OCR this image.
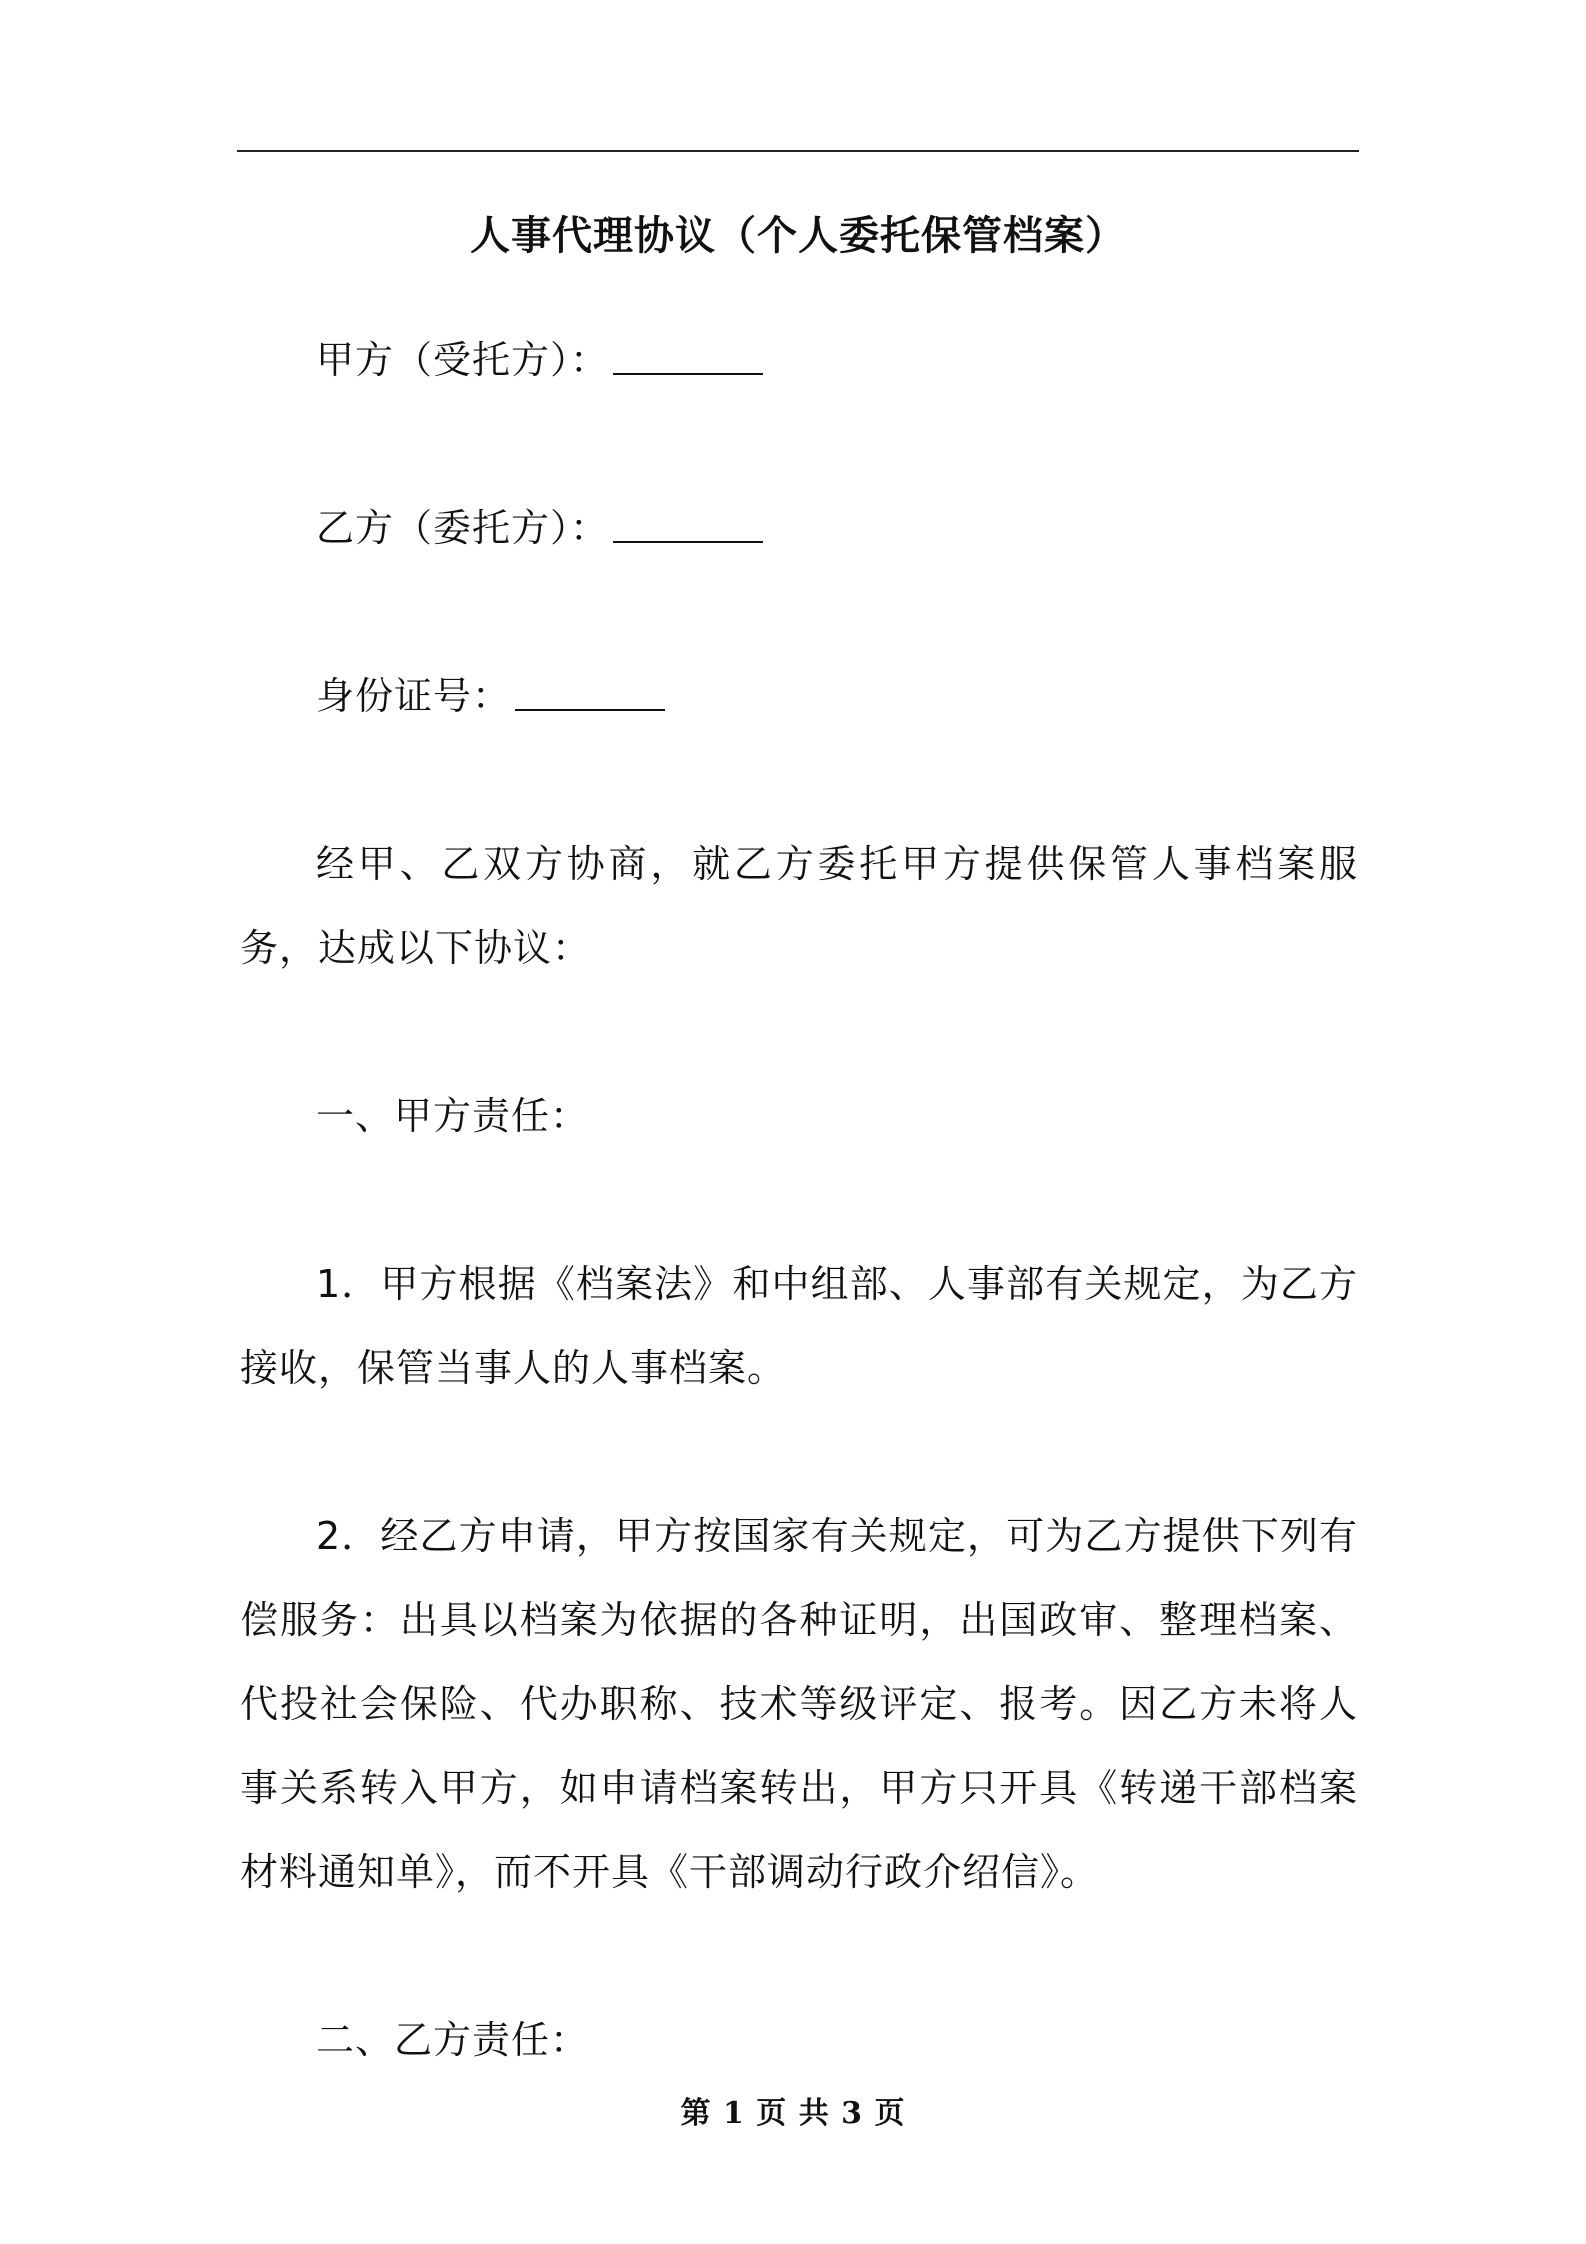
人事代理协议（个人委托保管档案）
甲方（受托方）：
乙方（委托方）：
身份证号：
经甲、乙双方协商，就乙方委托甲方提供保管人事档案服务，达成以下协议：
一、甲方责任：
1．甲方根据《档案法》和中组部、人事部有关规定，为乙方接收，保管当事人的人事档案。
2．经乙方申请，甲方按国家有关规定，可为乙方提供下列有偿服务：出具以档案为依据的各种证明，出国政审、整理档案、代投社会保险、代办职称、技术等级评定、报考。因乙方未将人事关系转入甲方，如申请档案转出，甲方只开具《转递干部档案材料通知单》，而不开具《干部调动行政介绍信》。
二、乙方责任：
第 1 页 共 3 页
